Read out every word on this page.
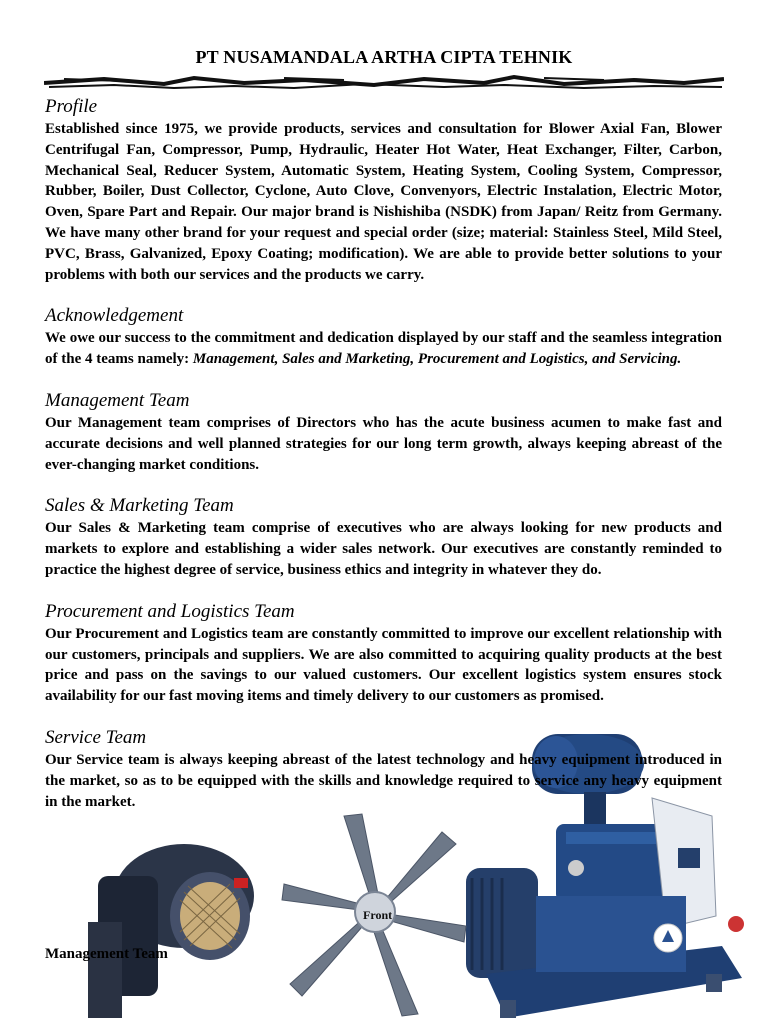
PT NUSAMANDALA ARTHA CIPTA TEHNIK
Front
Profile

Established since 1975, we provide products, services and consultation for Blower Axial Fan, Blower Centrifugal Fan, Compressor, Pump, Hydraulic, Heater Hot Water, Heat Exchanger, Filter, Carbon, Mechanical Seal, Reducer System, Automatic System, Heating System, Cooling System, Compressor, Rubber, Boiler, Dust Collector, Cyclone, Auto Clove, Convenyors, Electric Instalation, Electric Motor, Oven, Spare Part and Repair. Our major brand is Nishishiba (NSDK) from Japan/ Reitz from Germany. We have many other brand for your request and special order (size; material: Stainless Steel, Mild Steel, PVC, Brass, Galvanized, Epoxy Coating; modification). We are able to provide better solutions to your problems with both our services and the products we carry.

Acknowledgement

We owe our success to the commitment and dedication displayed by our staff and the seamless integration of the 4 teams namely: Management, Sales and Marketing, Procurement and Logistics, and Servicing.

Management Team

Our Management team comprises of Directors who has the acute business acumen to make fast and accurate decisions and well planned strategies for our long term growth, always keeping abreast of the ever-changing market conditions.

Sales & Marketing Team

Our Sales & Marketing team comprise of executives who are always looking for new products and markets to explore and establishing a wider sales network. Our executives are constantly reminded to practice the highest degree of service, business ethics and integrity in whatever they do.

Procurement and Logistics Team

Our Procurement and Logistics team are constantly committed to improve our excellent relationship with our customers, principals and suppliers. We are also committed to acquiring quality products at the best price and pass on the savings to our valued customers. Our excellent logistics system ensures stock availability for our fast moving items and timely delivery to our customers as promised.

Service Team

Our Service team is always keeping abreast of the latest technology and heavy equipment introduced in the market, so as to be equipped with the skills and knowledge required to service any heavy equipment in the market.

Management Team
